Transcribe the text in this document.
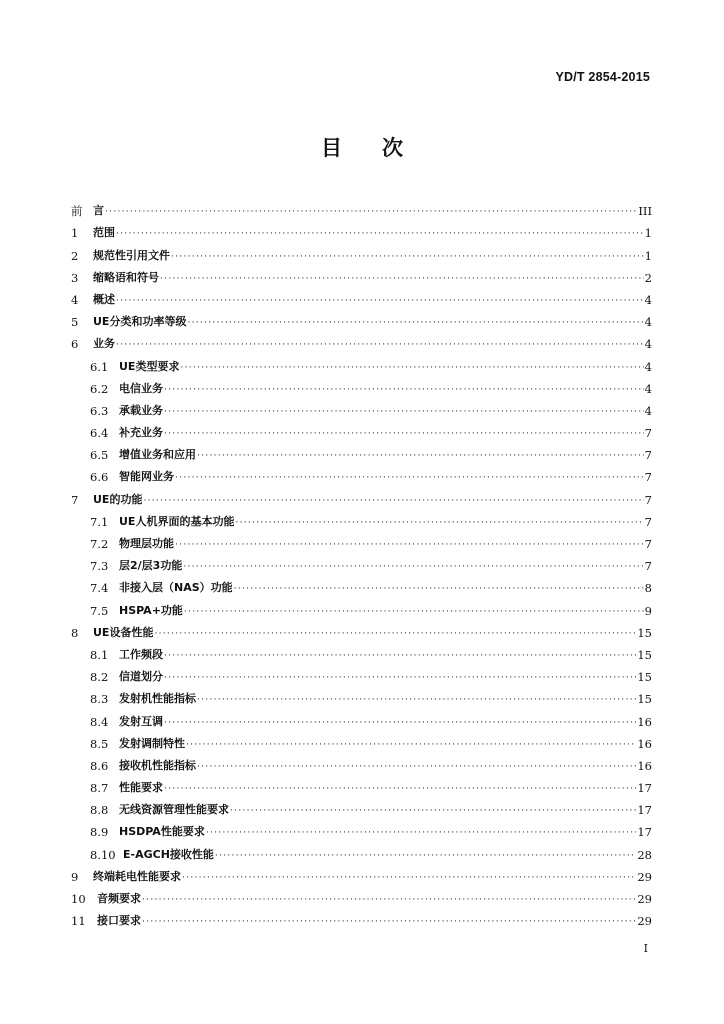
YD/T 2854-2015
目 次
前 言 ·····	III
1	范围 ·····	1
2	规范性引用文件 ·····	1
3	缩略语和符号 ·····	2
4	概述 ·····	4
5	UE分类和功率等级 ·····	4
6	业务 ·····	4
6.1 UE类型要求 ·····	4
6.2 电信业务 ·····	4
6.3 承载业务 ·····	4
6.4 补充业务 ·····	7
6.5 增值业务和应用 ·····	7
6.6 智能网业务 ·····	7
7	UE的功能 ·····	7
7.1 UE人机界面的基本功能 ·····	7
7.2 物理层功能 ·····	7
7.3 层2/层3功能 ·····	7
7.4 非接入层（NAS）功能 ·····	8
7.5 HSPA+功能 ·····	9
8	UE设备性能 ·····	15
8.1 工作频段 ·····	15
8.2 信道划分 ·····	15
8.3 发射机性能指标 ·····	15
8.4 发射互调 ·····	16
8.5 发射调制特性 ·····	16
8.6 接收机性能指标 ·····	16
8.7 性能要求 ·····	17
8.8 无线资源管理性能要求 ·····	17
8.9 HSDPA性能要求 ·····	17
8.10 E-AGCH接收性能 ·····	28
9	终端耗电性能要求 ·····	29
10	音频要求 ·····	29
11	接口要求 ·····	29
I
